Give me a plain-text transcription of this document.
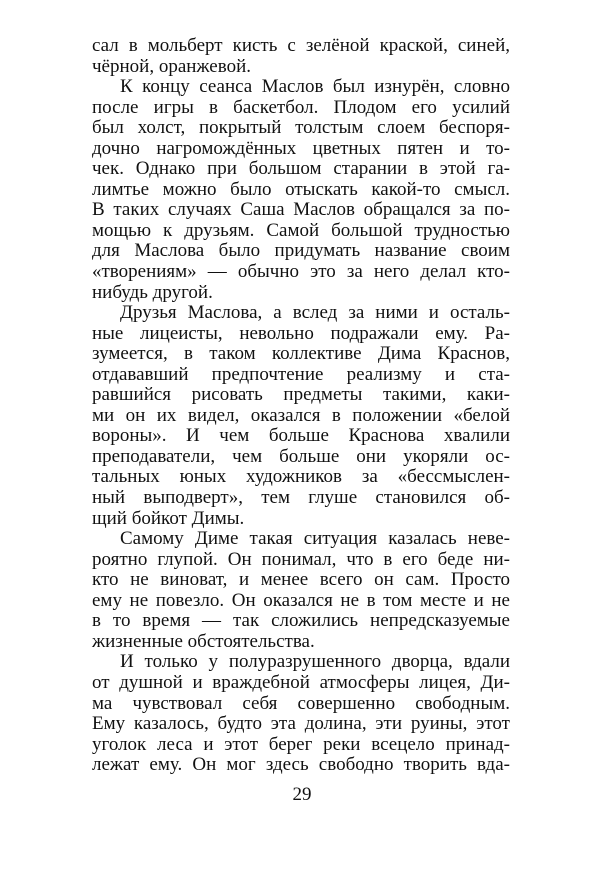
сал в мольберт кисть с зелёной краской, синей,
чёрной, оранжевой.
К концу сеанса Маслов был изнурён, словно
после игры в баскетбол. Плодом его усилий
был холст, покрытый толстым слоем беспоря-
дочно нагромождённых цветных пятен и то-
чек. Однако при большом старании в этой га-
лимтье можно было отыскать какой-то смысл.
В таких случаях Саша Маслов обращался за по-
мощью к друзьям. Самой большой трудностью
для Маслова было придумать название своим
«творениям» — обычно это за него делал кто-
нибудь другой.
Друзья Маслова, а вслед за ними и осталь-
ные лицеисты, невольно подражали ему. Ра-
зумеется, в таком коллективе Дима Краснов,
отдававший предпочтение реализму и ста-
равшийся рисовать предметы такими, каки-
ми он их видел, оказался в положении «белой
вороны». И чем больше Краснова хвалили
преподаватели, чем больше они укоряли ос-
тальных юных художников за «бессмыслен-
ный выподверт», тем глуше становился об-
щий бойкот Димы.
Самому Диме такая ситуация казалась неве-
роятно глупой. Он понимал, что в его беде ни-
кто не виноват, и менее всего он сам. Просто
ему не повезло. Он оказался не в том месте и не
в то время — так сложились непредсказуемые
жизненные обстоятельства.
И только у полуразрушенного дворца, вдали
от душной и враждебной атмосферы лицея, Ди-
ма чувствовал себя совершенно свободным.
Ему казалось, будто эта долина, эти руины, этот
уголок леса и этот берег реки всецело принад-
лежат ему. Он мог здесь свободно творить вда-
29
